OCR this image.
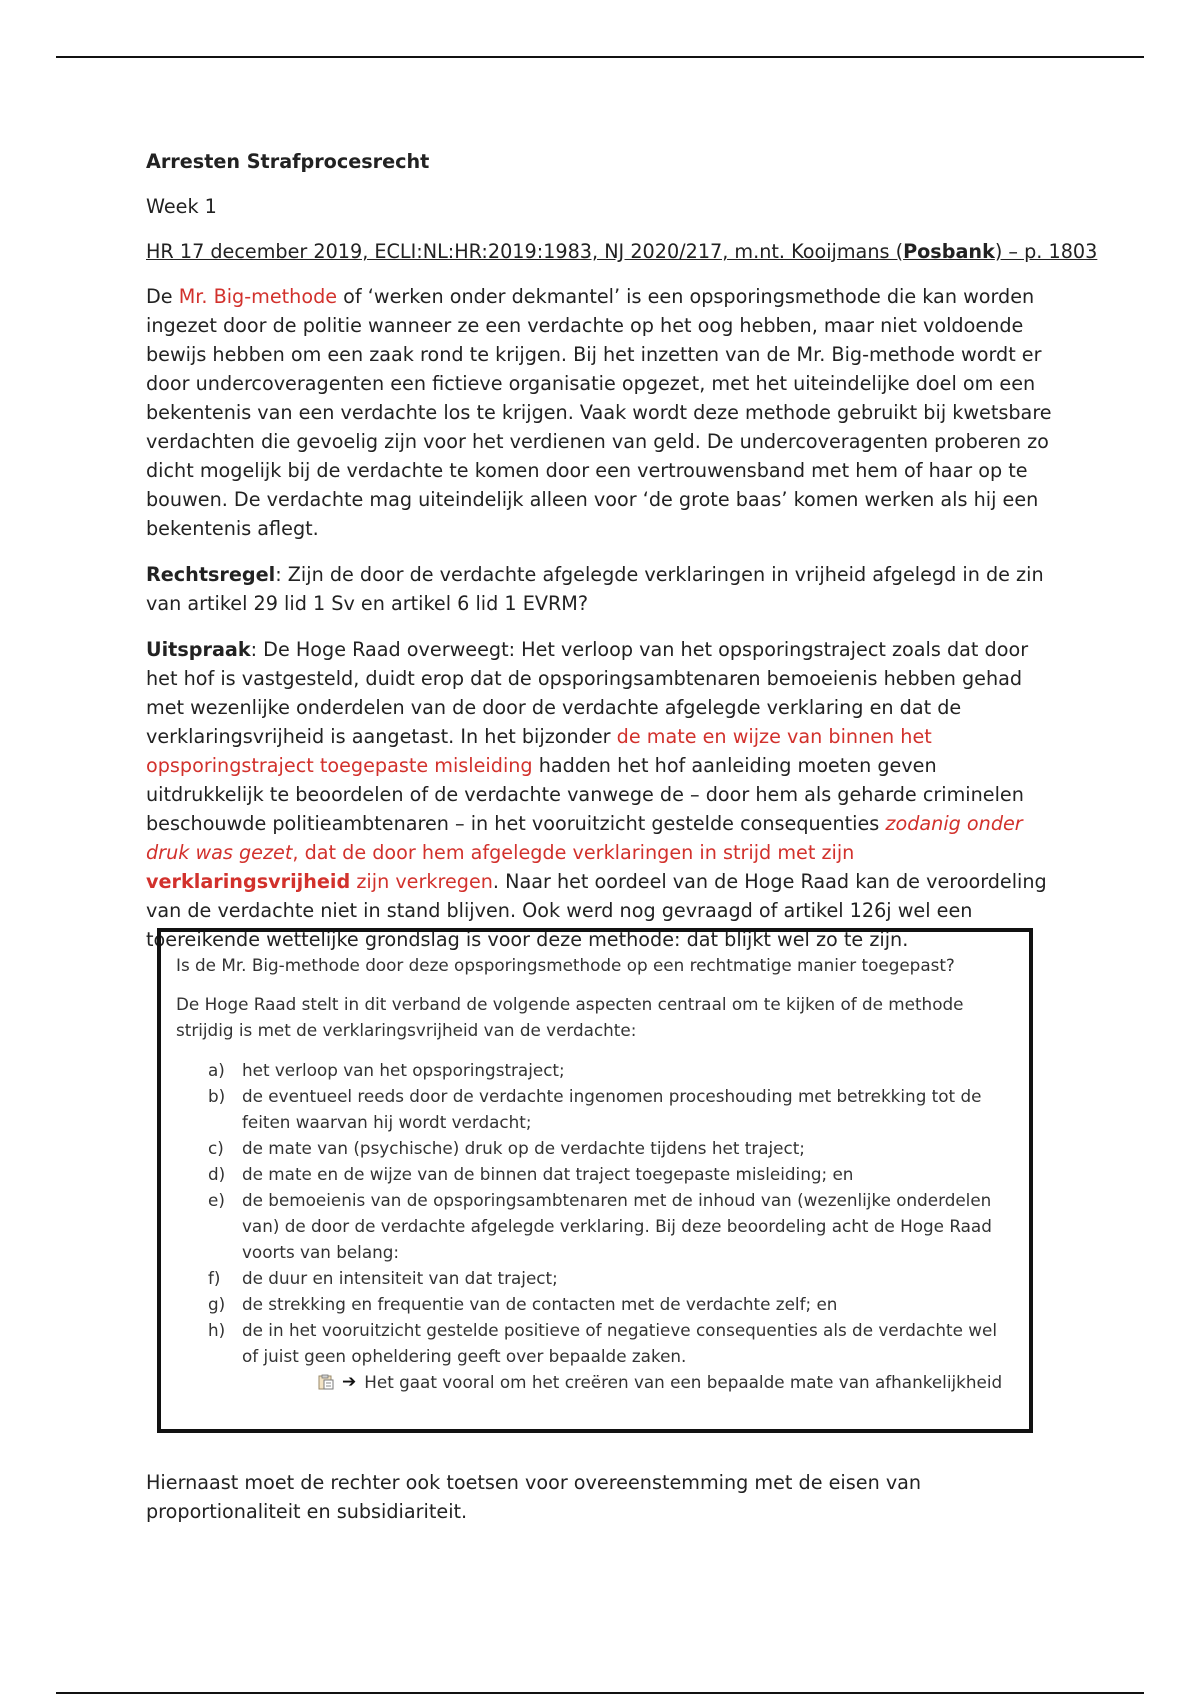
Arresten Strafprocesrecht

Week 1

HR 17 december 2019, ECLI:NL:HR:2019:1983, NJ 2020/217, m.nt. Kooijmans (Posbank) – p. 1803

De Mr. Big-methode of ‘werken onder dekmantel’ is een opsporingsmethode die kan worden ingezet door de politie wanneer ze een verdachte op het oog hebben, maar niet voldoende bewijs hebben om een zaak rond te krijgen. Bij het inzetten van de Mr. Big-methode wordt er door undercoveragenten een fictieve organisatie opgezet, met het uiteindelijke doel om een bekentenis van een verdachte los te krijgen. Vaak wordt deze methode gebruikt bij kwetsbare verdachten die gevoelig zijn voor het verdienen van geld. De undercoveragenten proberen zo dicht mogelijk bij de verdachte te komen door een vertrouwensband met hem of haar op te bouwen. De verdachte mag uiteindelijk alleen voor ‘de grote baas’ komen werken als hij een bekentenis aflegt.

Rechtsregel: Zijn de door de verdachte afgelegde verklaringen in vrijheid afgelegd in de zin van artikel 29 lid 1 Sv en artikel 6 lid 1 EVRM?

Uitspraak: De Hoge Raad overweegt: Het verloop van het opsporingstraject zoals dat door het hof is vastgesteld, duidt erop dat de opsporingsambtenaren bemoeienis hebben gehad met wezenlijke onderdelen van de door de verdachte afgelegde verklaring en dat de verklaringsvrijheid is aangetast. In het bijzonder de mate en wijze van binnen het opsporingstraject toegepaste misleiding hadden het hof aanleiding moeten geven uitdrukkelijk te beoordelen of de verdachte vanwege de – door hem als geharde criminelen beschouwde politieambtenaren – in het vooruitzicht gestelde consequenties zodanig onder druk was gezet, dat de door hem afgelegde verklaringen in strijd met zijn verklaringsvrijheid zijn verkregen. Naar het oordeel van de Hoge Raad kan de veroordeling van de verdachte niet in stand blijven. Ook werd nog gevraagd of artikel 126j wel een toereikende wettelijke grondslag is voor deze methode: dat blijkt wel zo te zijn.

Is de Mr. Big-methode door deze opsporingsmethode op een rechtmatige manier toegepast?

De Hoge Raad stelt in dit verband de volgende aspecten centraal om te kijken of de methode strijdig is met de verklaringsvrijheid van de verdachte:

a)	het verloop van het opsporingstraject;
b) de eventueel reeds door de verdachte ingenomen proceshouding met betrekking tot de feiten waarvan hij wordt verdacht;
c)	de mate van (psychische) druk op de verdachte tijdens het traject;
d) de mate en de wijze van de binnen dat traject toegepaste misleiding; en
e)	de bemoeienis van de opsporingsambtenaren met de inhoud van (wezenlijke onderdelen van) de door de verdachte afgelegde verklaring. Bij deze beoordeling acht de Hoge Raad voorts van belang:
f)	de duur en intensiteit van dat traject;
g) de strekking en frequentie van de contacten met de verdachte zelf; en
h)	de in het vooruitzicht gestelde positieve of negatieve consequenties als de verdachte wel of juist geen opheldering geeft over bepaalde zaken.
➔ Het gaat vooral om het creëren van een bepaalde mate van afhankelijkheid

Hiernaast moet de rechter ook toetsen voor overeenstemming met de eisen van proportionaliteit en subsidiariteit.
